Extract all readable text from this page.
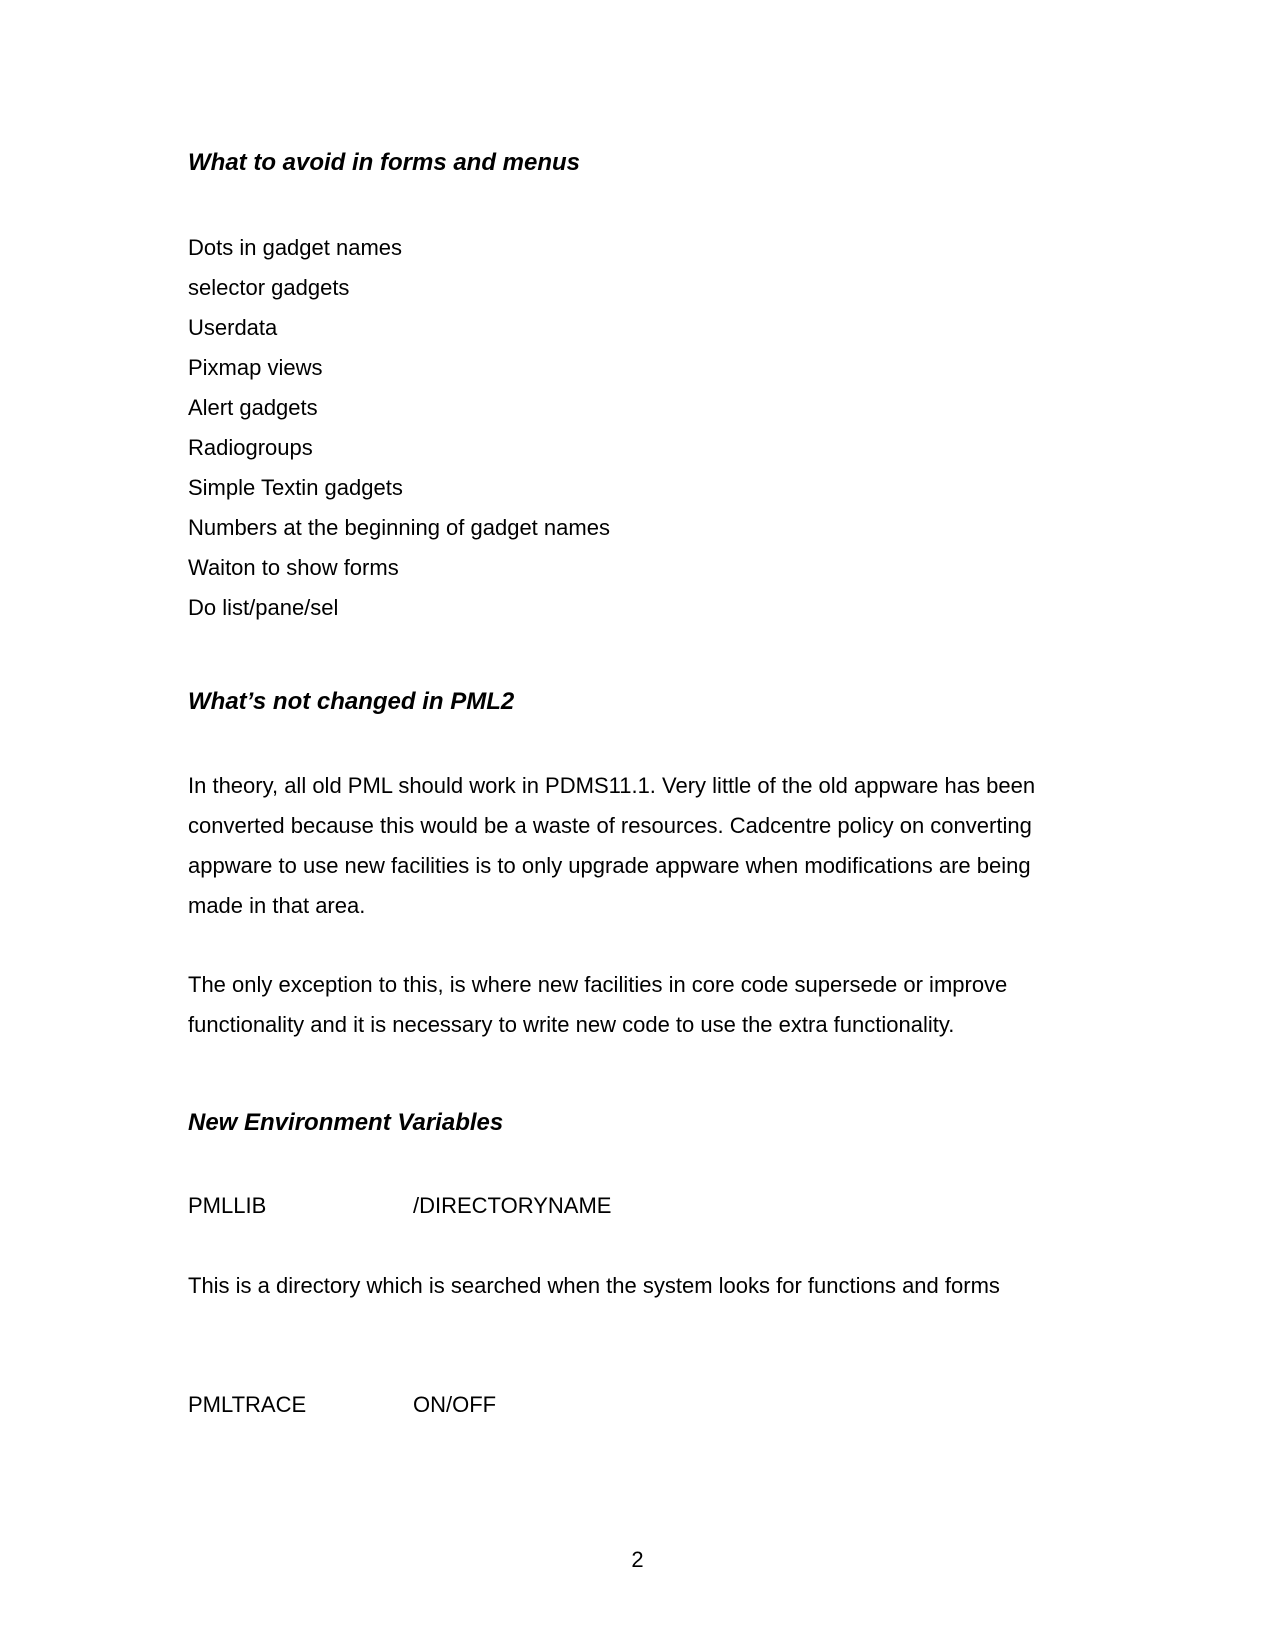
What to avoid in forms and menus
Dots in gadget names
selector gadgets
Userdata
Pixmap views
Alert gadgets
Radiogroups
Simple Textin gadgets
Numbers at the beginning of gadget names
Waiton to show forms
Do list/pane/sel
What’s not changed in PML2
In theory, all old PML should work in PDMS11.1. Very little of the old appware has been
converted because this would be a waste of resources. Cadcentre policy on converting
appware to use new facilities is to only upgrade appware when modifications are being
made in that area.
The only exception to this, is where new facilities in core code supersede or improve
functionality and it is necessary to write new code to use the extra functionality.
New Environment Variables
PMLLIB	/DIRECTORYNAME

This is a directory which is searched when the system looks for functions and forms

PMLTRACE	ON/OFF

2
